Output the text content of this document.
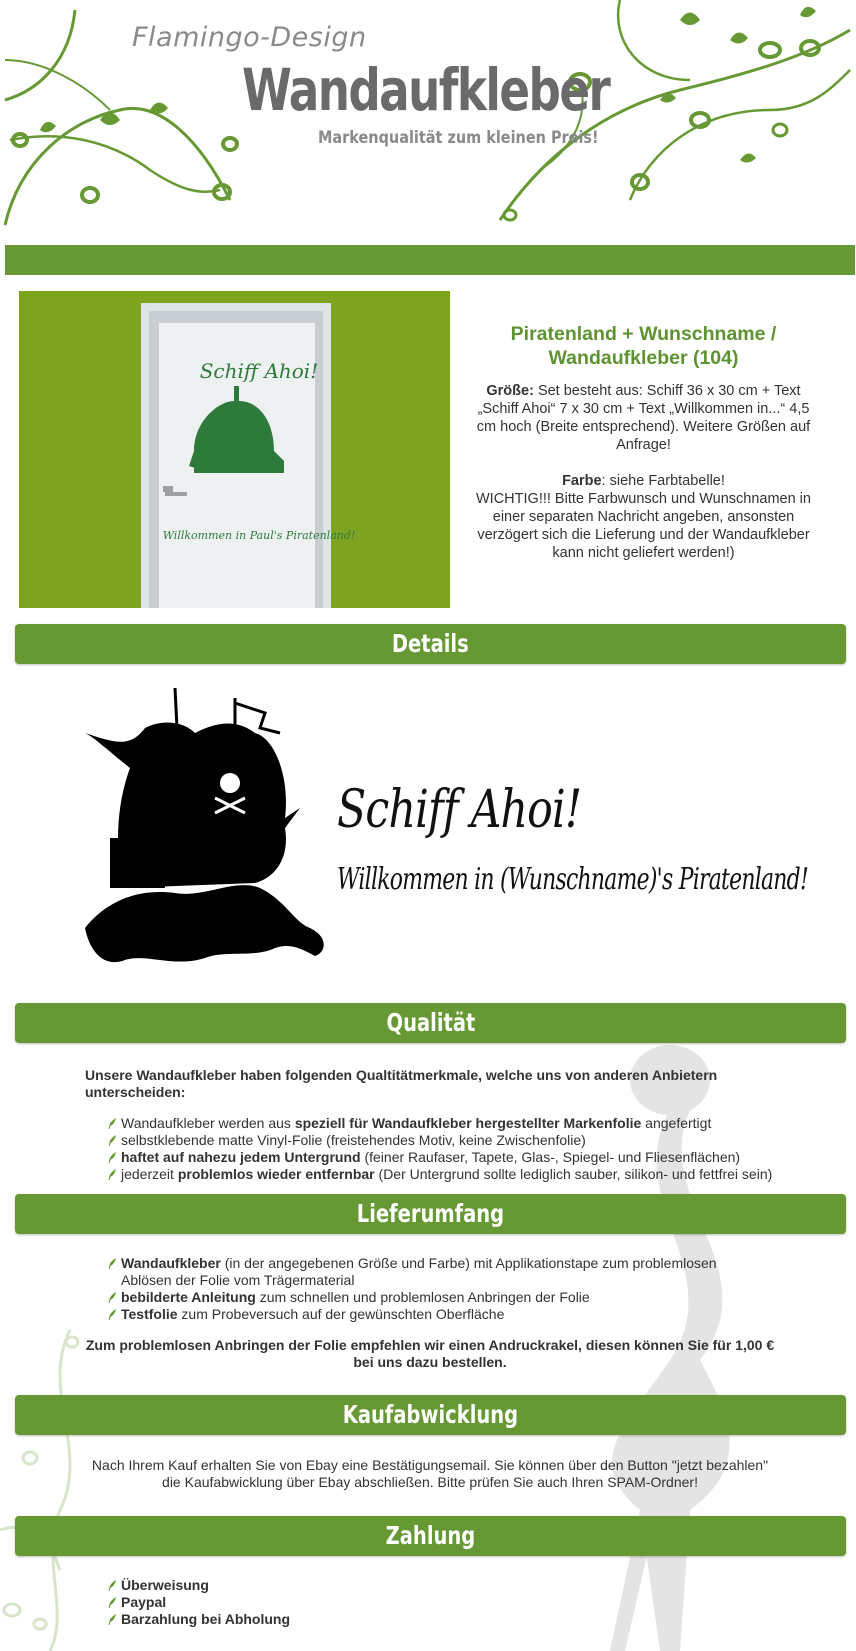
Flamingo-Design
Wandaufkleber
Markenqualität zum kleinen Preis!
Schiff Ahoi!
Willkommen in Paul's Piratenland!
Piratenland + Wunschname / Wandaufkleber (104)

Größe: Set besteht aus: Schiff 36 x 30 cm + Text „Schiff Ahoi“ 7 x 30 cm + Text „Willkommen in...“ 4,5 cm hoch (Breite entsprechend). Weitere Größen auf Anfrage!

Farbe: siehe Farbtabelle!
WICHTIG!!! Bitte Farbwunsch und Wunschnamen in einer separaten Nachricht angeben, ansonsten verzögert sich die Lieferung und der Wandaufkleber kann nicht geliefert werden!)

Details
Schiff Ahoi!
Willkommen in (Wunschname)'s Piratenland!
Qualität
Unsere Wandaufkleber haben folgenden Qualtitätmerkmale, welche uns von anderen Anbietern unterscheiden:
Wandaufkleber werden aus speziell für Wandaufkleber hergestellter Markenfolie angefertigt
selbstklebende matte Vinyl-Folie (freistehendes Motiv, keine Zwischenfolie)
haftet auf nahezu jedem Untergrund (feiner Raufaser, Tapete, Glas-, Spiegel- und Fliesenflächen)
jederzeit problemlos wieder entfernbar (Der Untergrund sollte lediglich sauber, silikon- und fettfrei sein)
Lieferumfang
Wandaufkleber (in der angegebenen Größe und Farbe) mit Applikationstape zum problemlosen Ablösen der Folie vom Trägermaterial
bebilderte Anleitung zum schnellen und problemlosen Anbringen der Folie
Testfolie zum Probeversuch auf der gewünschten Oberfläche
Zum problemlosen Anbringen der Folie empfehlen wir einen Andruckrakel, diesen können Sie für 1,00 € bei uns dazu bestellen.
Kaufabwicklung
Nach Ihrem Kauf erhalten Sie von Ebay eine Bestätigungsemail. Sie können über den Button "jetzt bezahlen" die Kaufabwicklung über Ebay abschließen. Bitte prüfen Sie auch Ihren SPAM-Ordner!
Zahlung
Überweisung
Paypal
Barzahlung bei Abholung
